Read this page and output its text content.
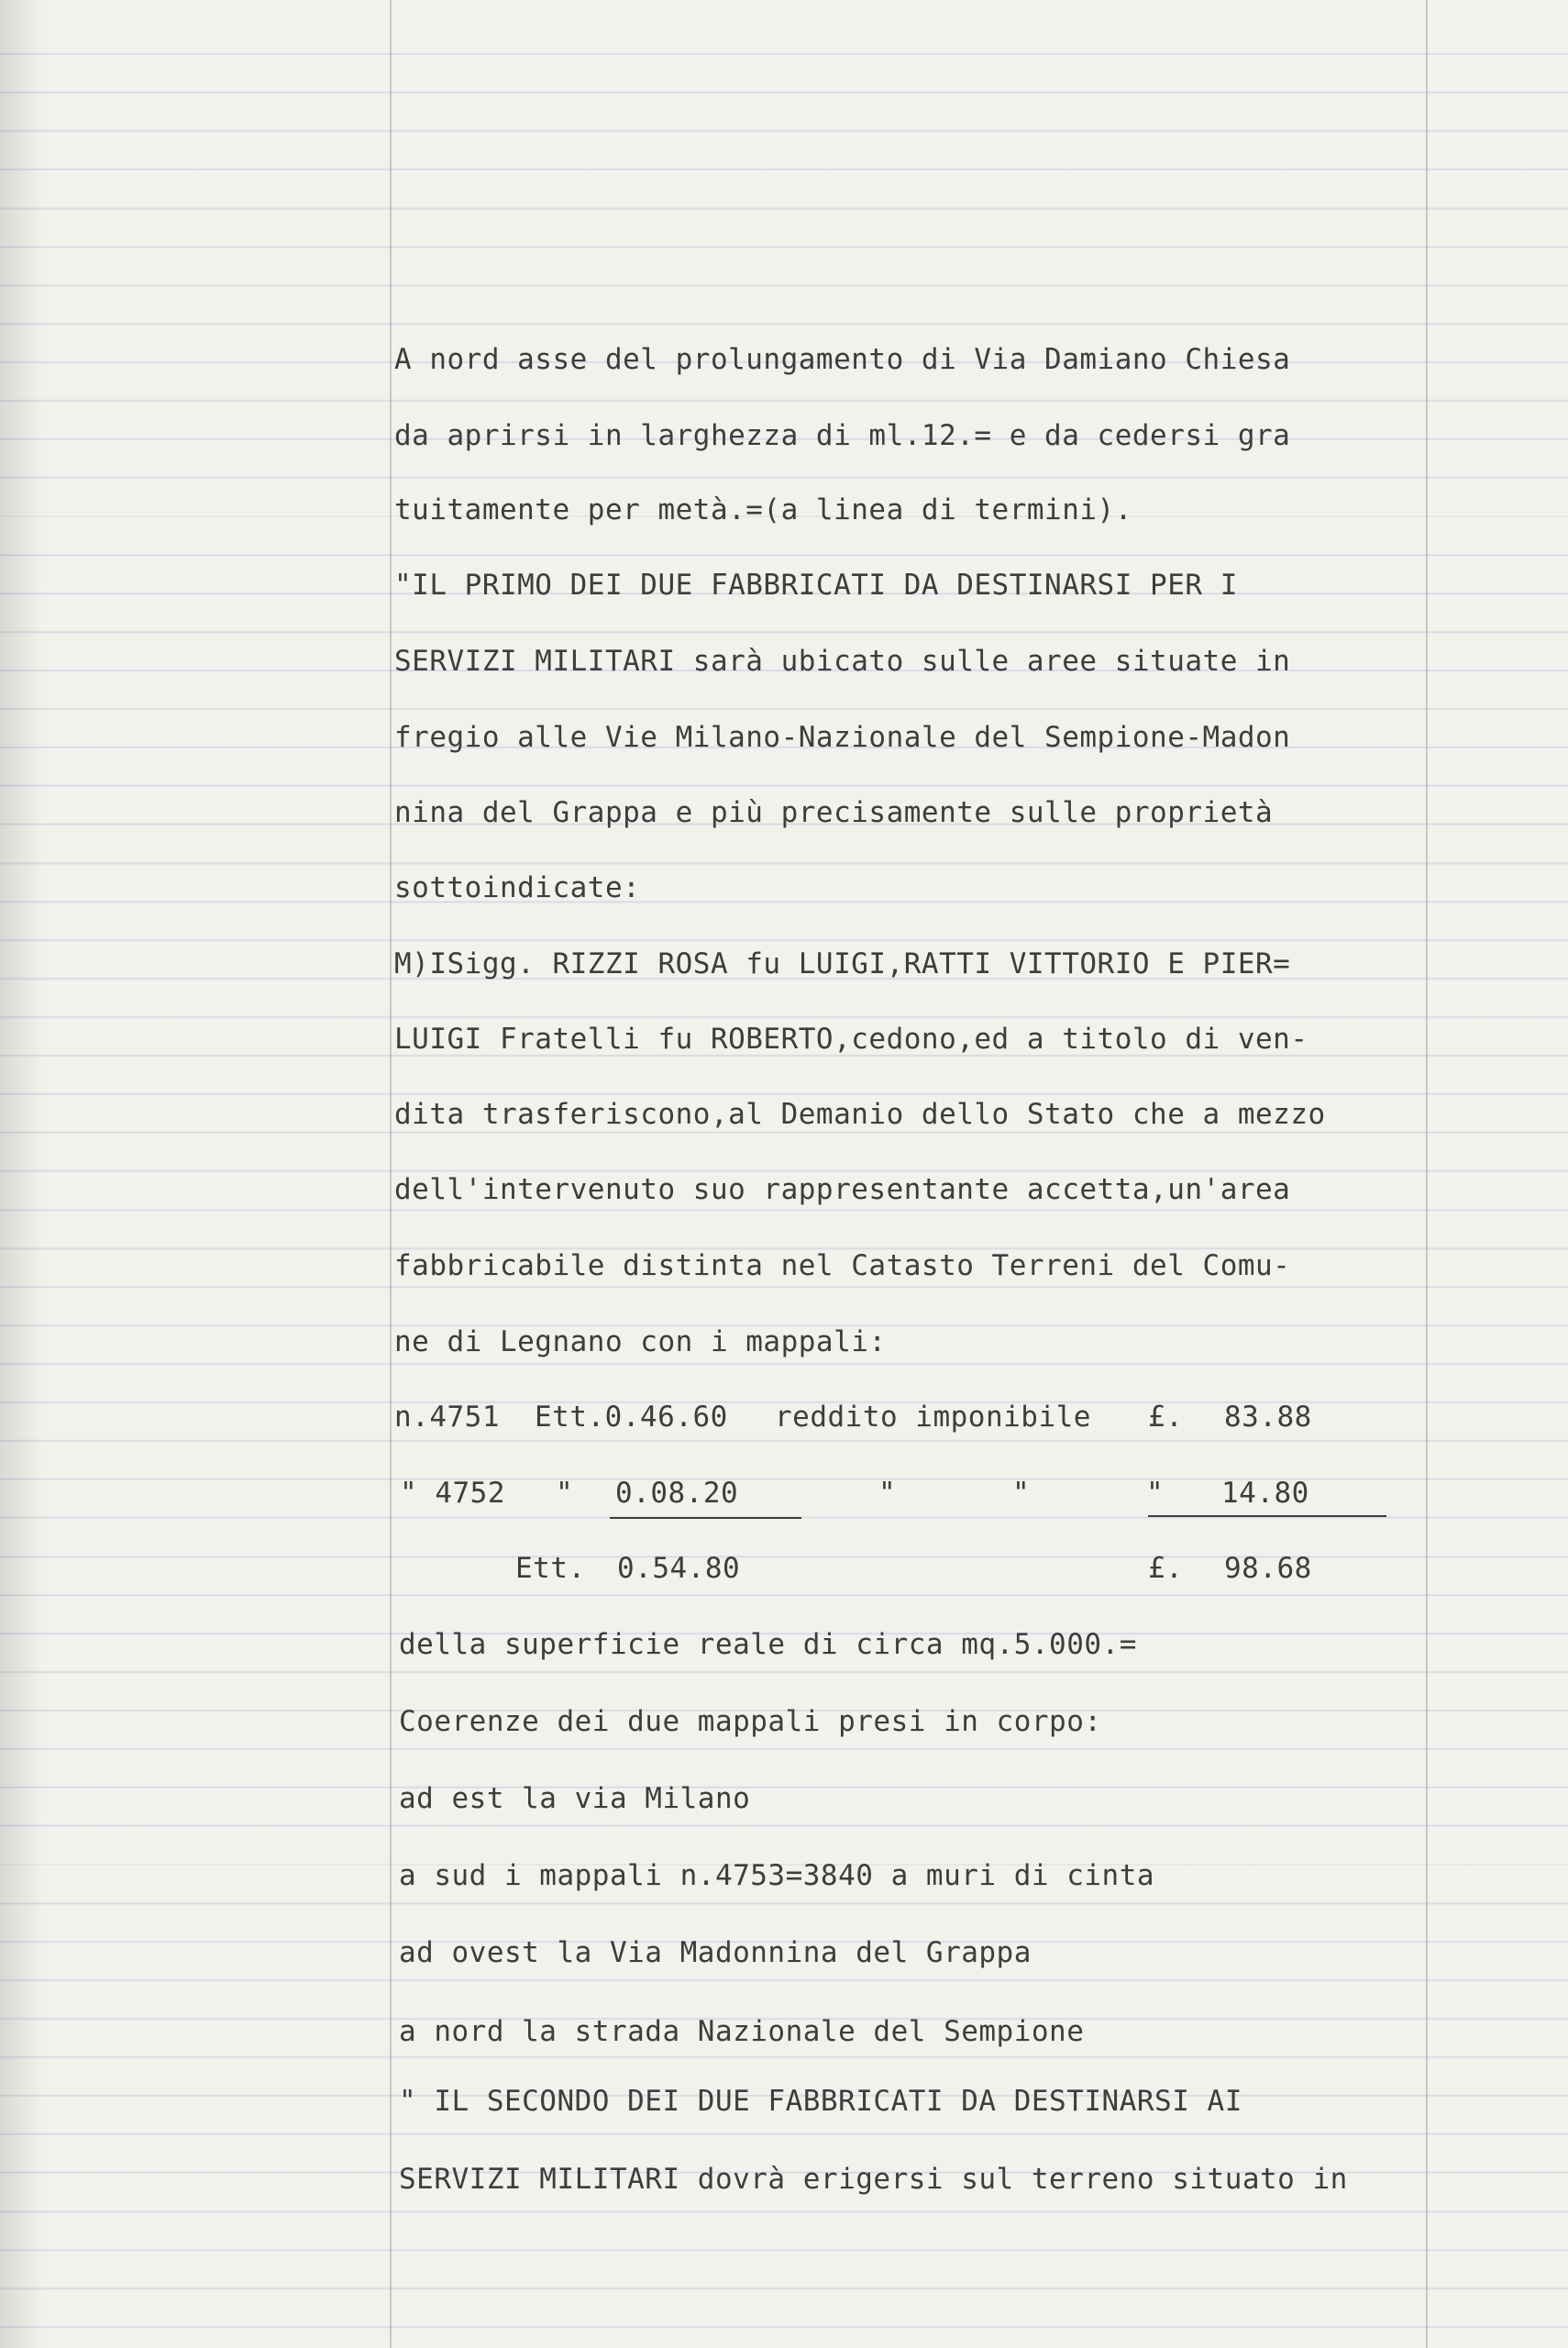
A nord asse del prolungamento di Via Damiano Chiesa
da aprirsi in larghezza di ml.12.= e da cedersi gra
tuitamente per metà.=(a linea di termini).
"IL PRIMO DEI DUE FABBRICATI DA DESTINARSI PER I
SERVIZI MILITARI sarà ubicato sulle aree situate in
fregio alle Vie Milano-Nazionale del Sempione-Madon
nina del Grappa e più precisamente sulle proprietà
sottoindicate:
M)ISigg. RIZZI ROSA fu LUIGI,RATTI VITTORIO E PIER=
LUIGI Fratelli fu ROBERTO,cedono,ed a titolo di ven-
dita trasferiscono,al Demanio dello Stato che a mezzo
dell'intervenuto suo rappresentante accetta,un'area
fabbricabile distinta nel Catasto Terreni del Comu-
ne di Legnano con i mappali:
n.4751 Ett.0.46.60 reddito imponibile £. 83.88
" 4752 " 0.08.20	"	"	"	14.80
Ett. 0.54.80	£. 98.68
della superficie reale di circa mq.5.000.=
Coerenze dei due mappali presi in corpo:
ad est la via Milano
a sud i mappali n.4753=3840 a muri di cinta
ad ovest la Via Madonnina del Grappa
a nord la strada Nazionale del Sempione
" IL SECONDO DEI DUE FABBRICATI DA DESTINARSI AI
SERVIZI MILITARI dovrà erigersi sul terreno situato in
